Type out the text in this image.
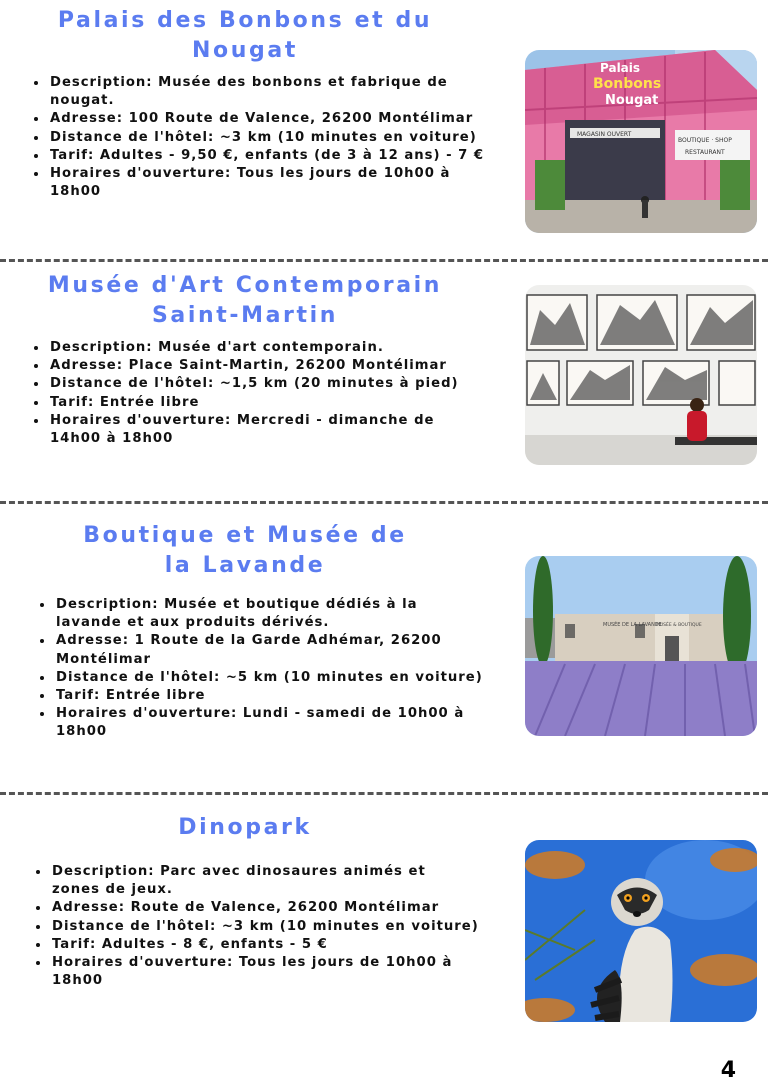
Palais des Bonbons et du
Nougat
Description: Musée des bonbons et fabrique de nougat.
Adresse: 100 Route de Valence, 26200 Montélimar
Distance de l'hôtel: ~3 km (10 minutes en voiture)
Tarif: Adultes - 9,50 €, enfants (de 3 à 12 ans) - 7 €
Horaires d'ouverture: Tous les jours de 10h00 à 18h00
Palais
Bonbons
Nougat
MAGASIN OUVERT
BOUTIQUE · SHOP
RESTAURANT
Musée d'Art Contemporain
Saint-Martin
Description: Musée d'art contemporain.
Adresse: Place Saint-Martin, 26200 Montélimar
Distance de l'hôtel: ~1,5 km (20 minutes à pied)
Tarif: Entrée libre
Horaires d'ouverture: Mercredi - dimanche de 14h00 à 18h00
Boutique et Musée de
la Lavande
Description: Musée et boutique dédiés à la lavande et aux produits dérivés.
Adresse: 1 Route de la Garde Adhémar, 26200 Montélimar
Distance de l'hôtel: ~5 km (10 minutes en voiture)
Tarif: Entrée libre
Horaires d'ouverture: Lundi - samedi de 10h00 à 18h00
MUSÉE DE LA LAVANDE
MUSÉE & BOUTIQUE
Dinopark
Description: Parc avec dinosaures animés et zones de jeux.
Adresse: Route de Valence, 26200 Montélimar
Distance de l'hôtel: ~3 km (10 minutes en voiture)
Tarif: Adultes - 8 €, enfants - 5 €
Horaires d'ouverture: Tous les jours de 10h00 à 18h00
4
